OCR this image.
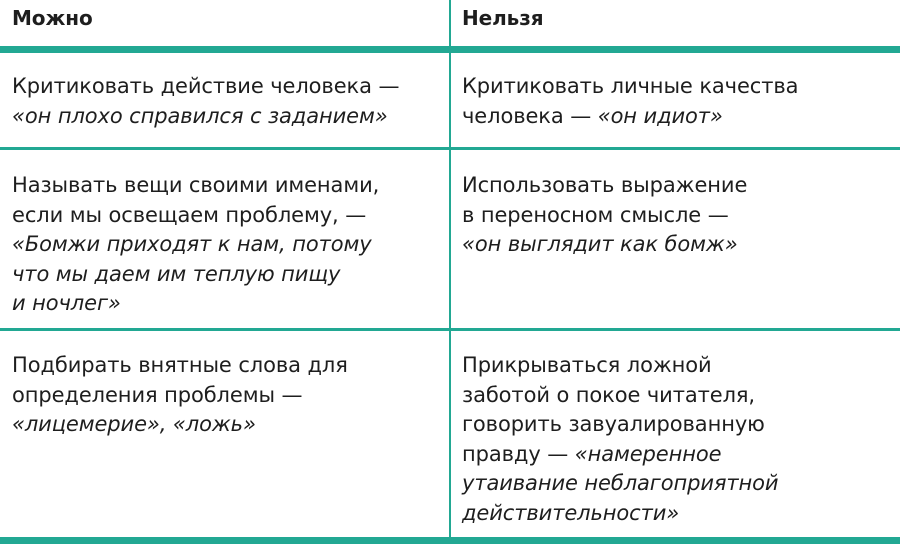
Можно	Нельзя
Критиковать действие человека —
«он плохо справился с заданием»
Критиковать личные качества
человека — «он идиот»
Называть вещи своими именами,
если мы освещаем проблему, —
«Бомжи приходят к нам, потому
что мы даем им теплую пищу
и ночлег»
Использовать выражение
в переносном смысле —
«он выглядит как бомж»
Подбирать внятные слова для
определения проблемы —
«лицемерие», «ложь»
Прикрываться ложной
заботой о покое читателя,
говорить завуалированную
правду — «намеренное
утаивание неблагоприятной
действительности»
